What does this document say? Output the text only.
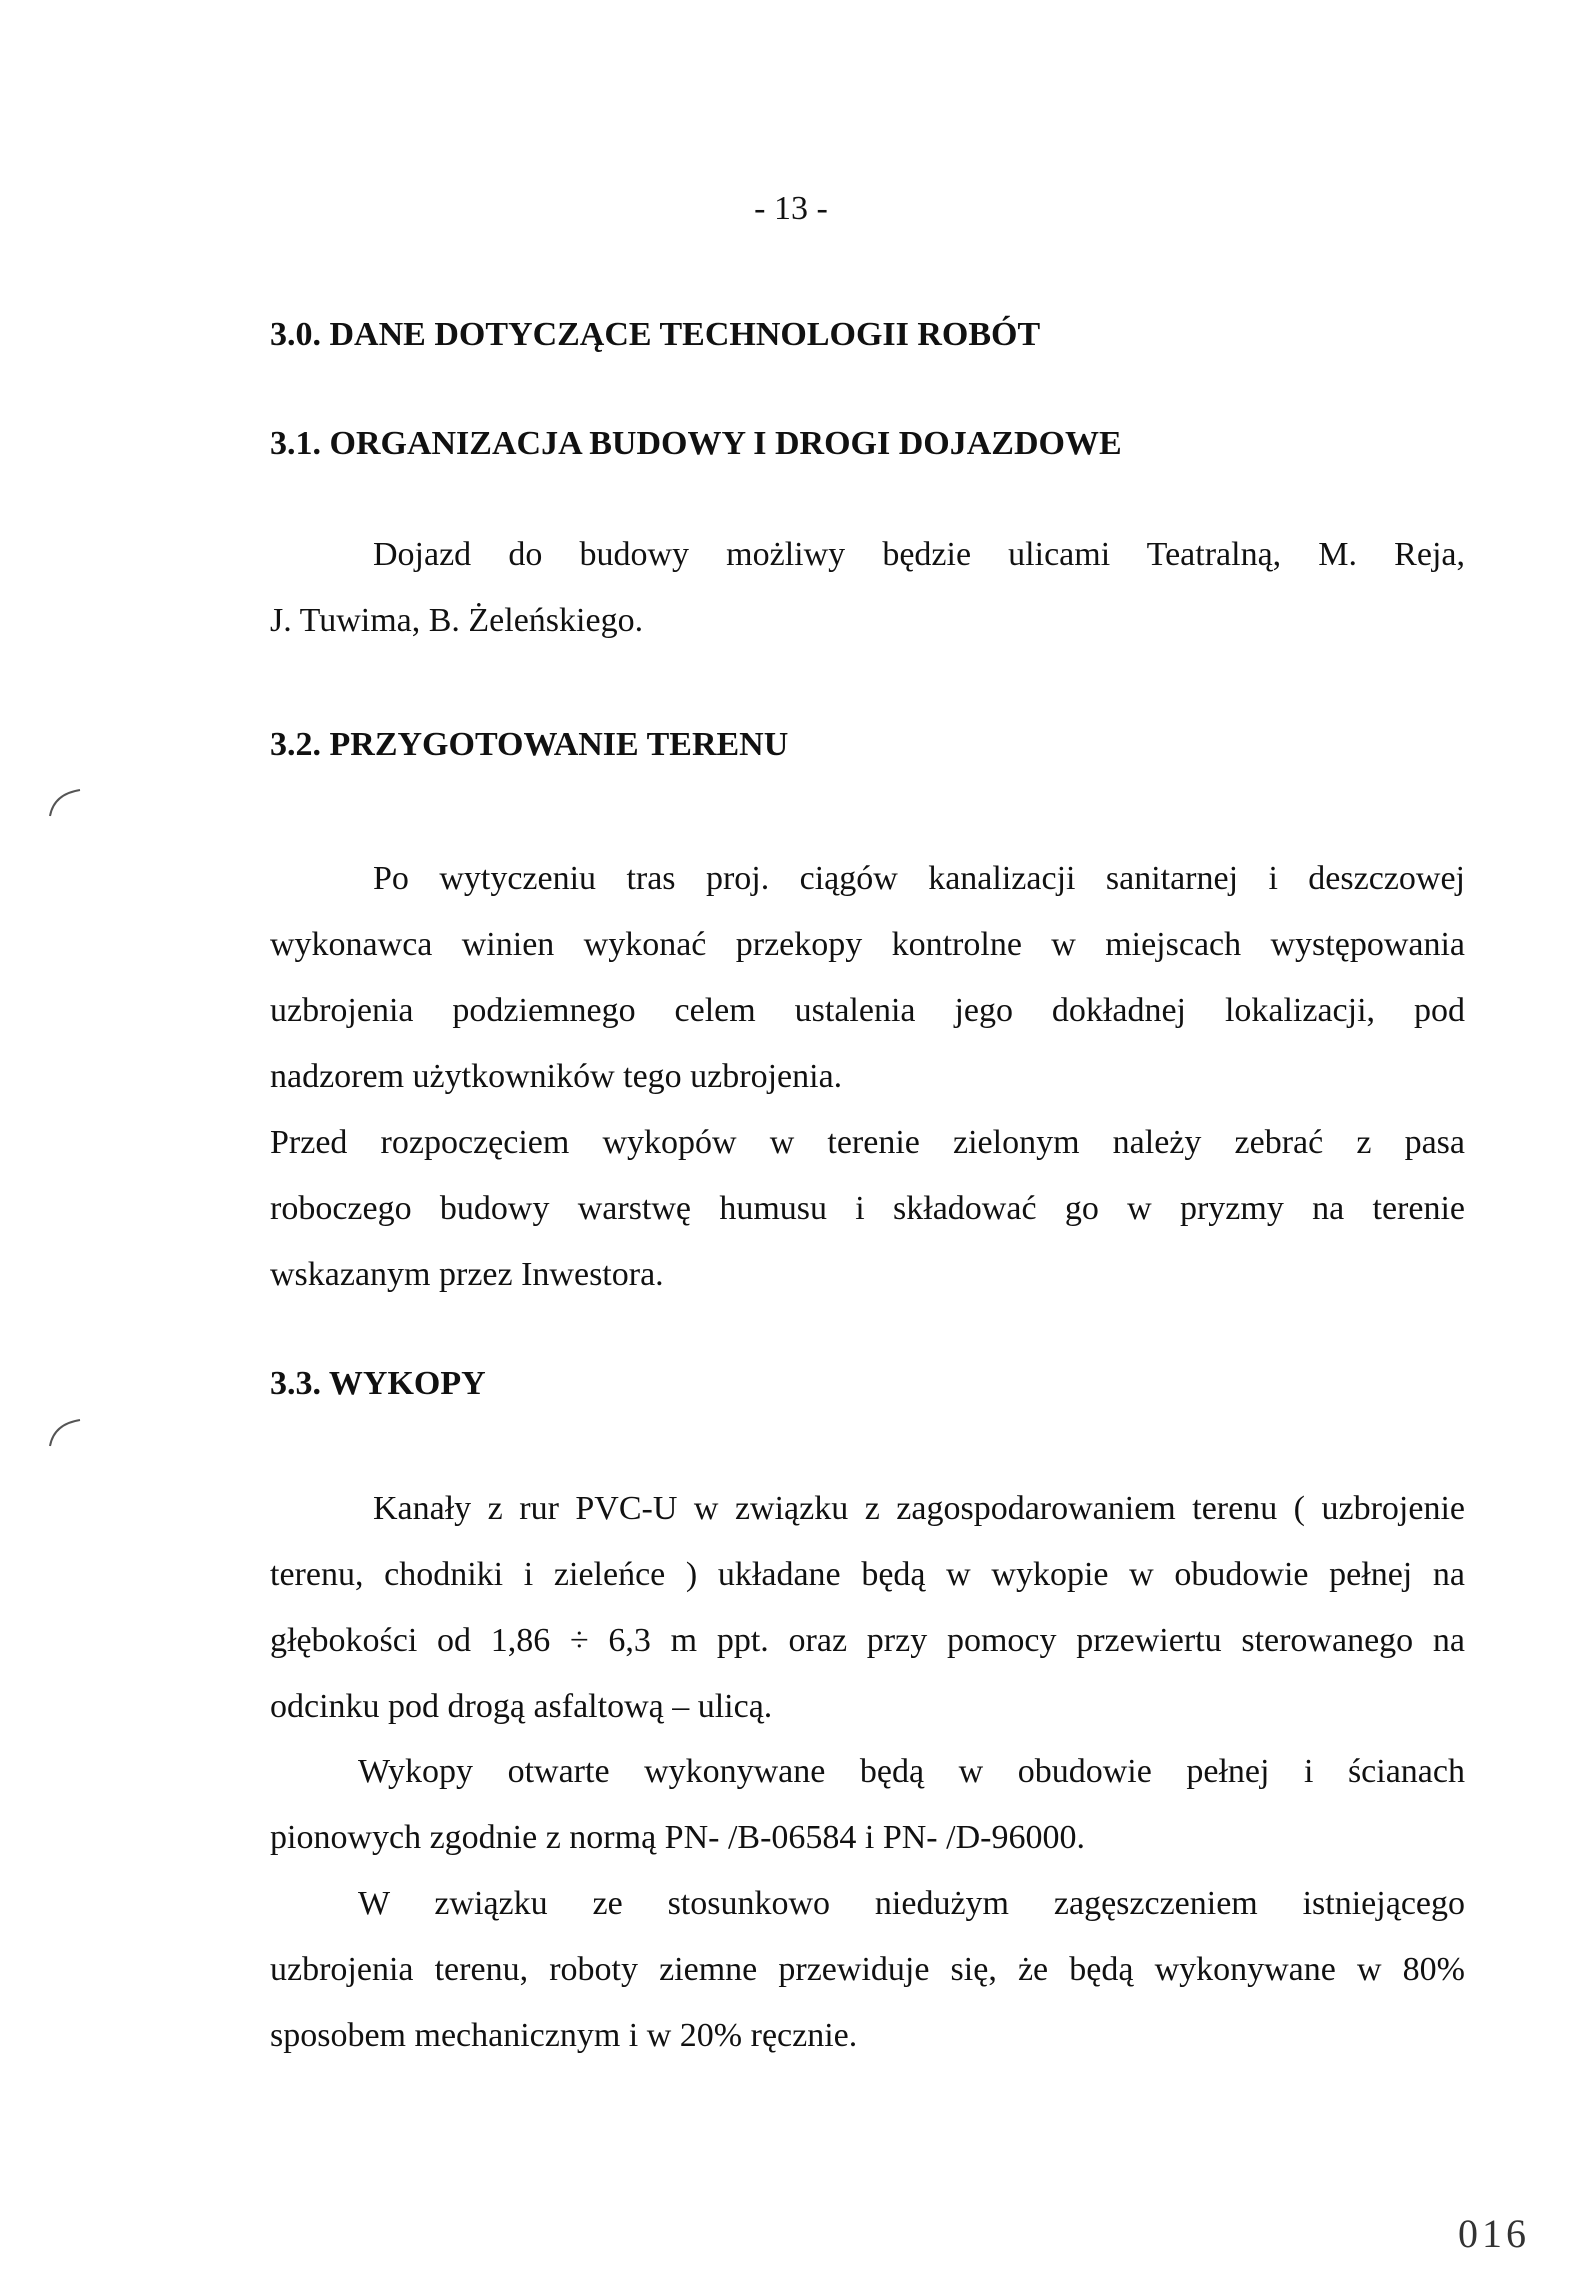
- 13 -
3.0. DANE DOTYCZĄCE TECHNOLOGII ROBÓT
3.1. ORGANIZACJA BUDOWY I DROGI DOJAZDOWE
Dojazd do budowy możliwy będzie ulicami Teatralną, M. Reja,
J. Tuwima, B. Żeleńskiego.
3.2. PRZYGOTOWANIE TERENU
Po wytyczeniu tras proj. ciągów kanalizacji sanitarnej i deszczowej
wykonawca winien wykonać przekopy kontrolne w miejscach występowania
uzbrojenia podziemnego celem ustalenia jego dokładnej lokalizacji, pod
nadzorem użytkowników tego uzbrojenia.
Przed rozpoczęciem wykopów w terenie zielonym należy zebrać z pasa
roboczego budowy warstwę humusu i składować go w pryzmy na terenie
wskazanym przez Inwestora.
3.3. WYKOPY
Kanały z rur PVC-U w związku z zagospodarowaniem terenu ( uzbrojenie
terenu, chodniki i zieleńce ) układane będą w wykopie w obudowie pełnej na
głębokości od 1,86 ÷ 6,3 m ppt. oraz przy pomocy przewiertu sterowanego na
odcinku pod drogą asfaltową – ulicą.
Wykopy otwarte wykonywane będą w obudowie pełnej i ścianach
pionowych zgodnie z normą PN- /B-06584 i PN- /D-96000.
W związku ze stosunkowo niedużym zagęszczeniem istniejącego
uzbrojenia terenu, roboty ziemne przewiduje się, że będą wykonywane w 80%
sposobem mechanicznym i w 20% ręcznie.
016
